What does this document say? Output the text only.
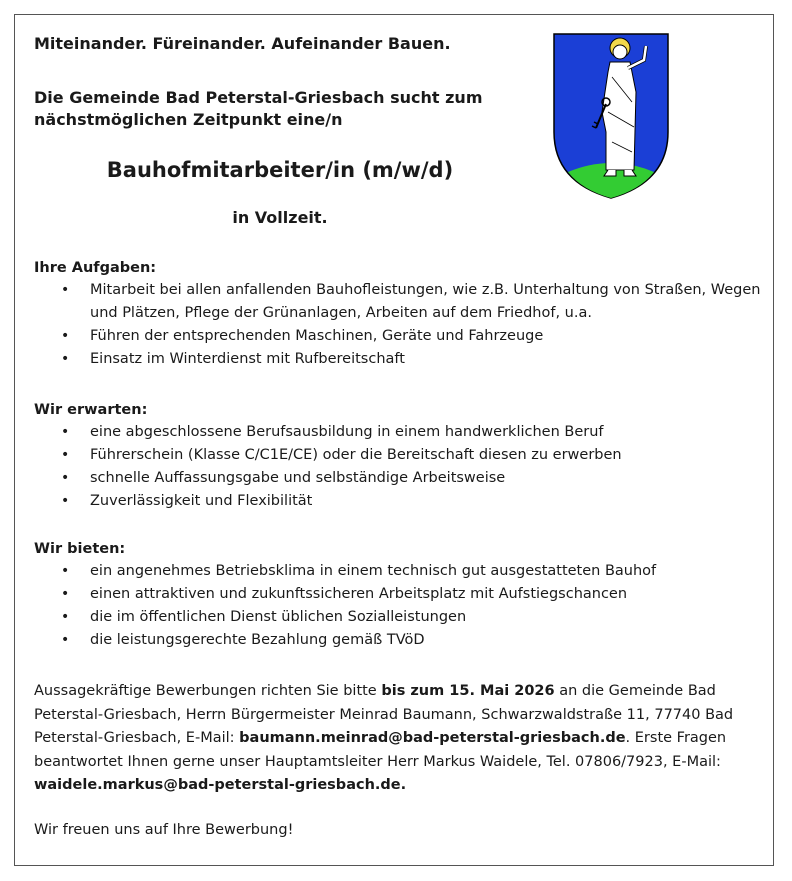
Miteinander. Füreinander. Aufeinander Bauen.
Die Gemeinde Bad Peterstal-Griesbach sucht zum nächstmöglichen Zeitpunkt eine/n
Bauhofmitarbeiter/in (m/w/d)
in Vollzeit.
Ihre Aufgaben:
• Mitarbeit bei allen anfallenden Bauhofleistungen, wie z.B. Unterhaltung von Straßen, Wegen und Plätzen, Pflege der Grünanlagen, Arbeiten auf dem Friedhof, u.a.
• Führen der entsprechenden Maschinen, Geräte und Fahrzeuge
• Einsatz im Winterdienst mit Rufbereitschaft
Wir erwarten:
• eine abgeschlossene Berufsausbildung in einem handwerklichen Beruf
• Führerschein (Klasse C/C1E/CE) oder die Bereitschaft diesen zu erwerben
• schnelle Auffassungsgabe und selbständige Arbeitsweise
• Zuverlässigkeit und Flexibilität
Wir bieten:
• ein angenehmes Betriebsklima in einem technisch gut ausgestatteten Bauhof
• einen attraktiven und zukunftssicheren Arbeitsplatz mit Aufstiegschancen
• die im öffentlichen Dienst üblichen Sozialleistungen
• die leistungsgerechte Bezahlung gemäß TVöD
Aussagekräftige Bewerbungen richten Sie bitte bis zum 15. Mai 2026 an die Gemeinde Bad Peterstal-Griesbach, Herrn Bürgermeister Meinrad Baumann, Schwarzwaldstraße 11, 77740 Bad Peterstal-Griesbach, E-Mail: baumann.meinrad@bad-peterstal-griesbach.de. Erste Fragen beantwortet Ihnen gerne unser Hauptamtsleiter Herr Markus Waidele, Tel. 07806/7923, E-Mail: waidele.markus@bad-peterstal-griesbach.de.
Wir freuen uns auf Ihre Bewerbung!
